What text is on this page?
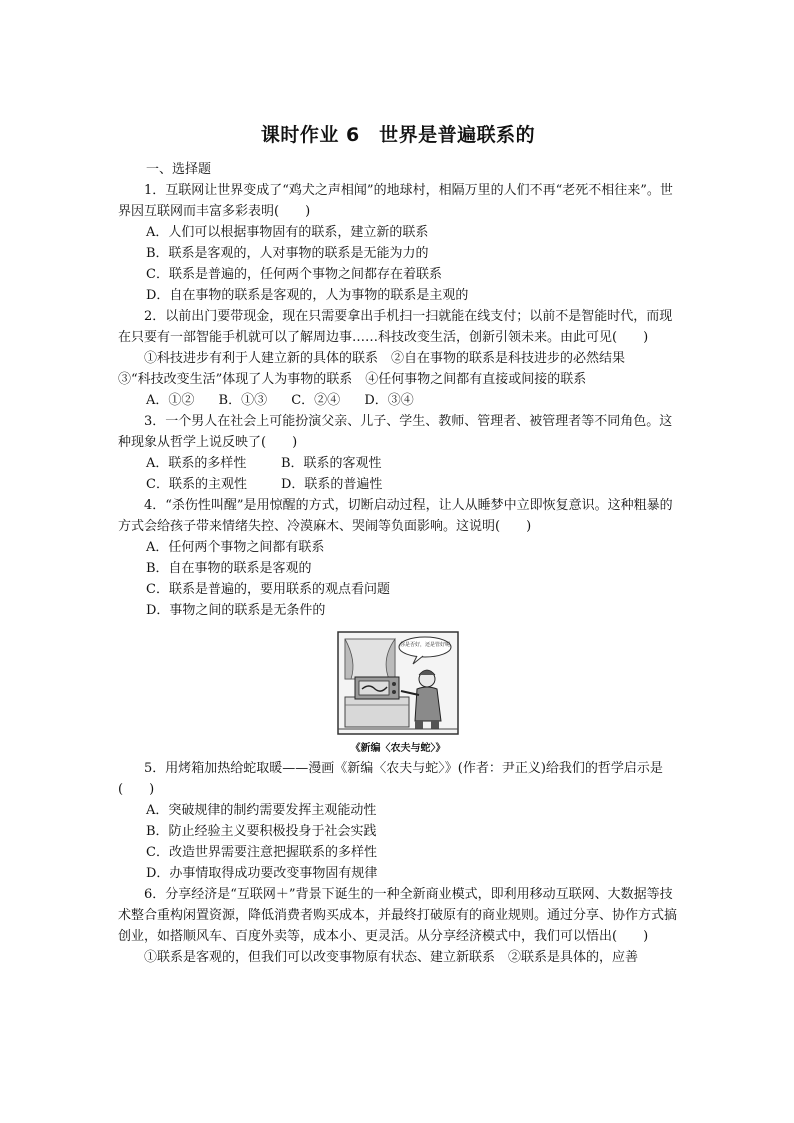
课时作业 6　世界是普遍联系的
一、选择题

1．互联网让世界变成了“鸡犬之声相闻”的地球村，相隔万里的人们不再“老死不相往来”。世界因互联网而丰富多彩表明(　　)

A．人们可以根据事物固有的联系，建立新的联系

B．联系是客观的，人对事物的联系是无能为力的

C．联系是普遍的，任何两个事物之间都存在着联系

D．自在事物的联系是客观的，人为事物的联系是主观的

2．以前出门要带现金，现在只需要拿出手机扫一扫就能在线支付；以前不是智能时代，而现在只要有一部智能手机就可以了解周边事……科技改变生活，创新引领未来。由此可见(　　)

①科技进步有利于人建立新的具体的联系　②自在事物的联系是科技进步的必然结果

③“科技改变生活”体现了人为事物的联系　④任何事物之间都有直接或间接的联系

A．①② B．①③ C．②④ D．③④

3．一个男人在社会上可能扮演父亲、儿子、学生、教师、管理者、被管理者等不同角色。这种现象从哲学上说反映了(　　)

A．联系的多样性	B．联系的客观性

C．联系的主观性	D．联系的普遍性

4．“杀伤性叫醒”是用惊醒的方式，切断启动过程，让人从睡梦中立即恢复意识。这种粗暴的方式会给孩子带来情绪失控、冷漠麻木、哭闹等负面影响。这说明(　　)

A．任何两个事物之间都有联系

B．自在事物的联系是客观的

C．联系是普遍的，要用联系的观点看问题

D．事物之间的联系是无条件的

你是否好，还是管好呢
《新编〈农夫与蛇〉》

5．用烤箱加热给蛇取暖——漫画《新编〈农夫与蛇〉》(作者：尹正义)给我们的哲学启示是(　　)

A．突破规律的制约需要发挥主观能动性

B．防止经验主义要积极投身于社会实践

C．改造世界需要注意把握联系的多样性

D．办事情取得成功要改变事物固有规律

6．分享经济是“互联网＋”背景下诞生的一种全新商业模式，即利用移动互联网、大数据等技术整合重构闲置资源，降低消费者购买成本，并最终打破原有的商业规则。通过分享、协作方式搞创业，如搭顺风车、百度外卖等，成本小、更灵活。从分享经济模式中，我们可以悟出(　　)

①联系是客观的，但我们可以改变事物原有状态、建立新联系　②联系是具体的，应善
